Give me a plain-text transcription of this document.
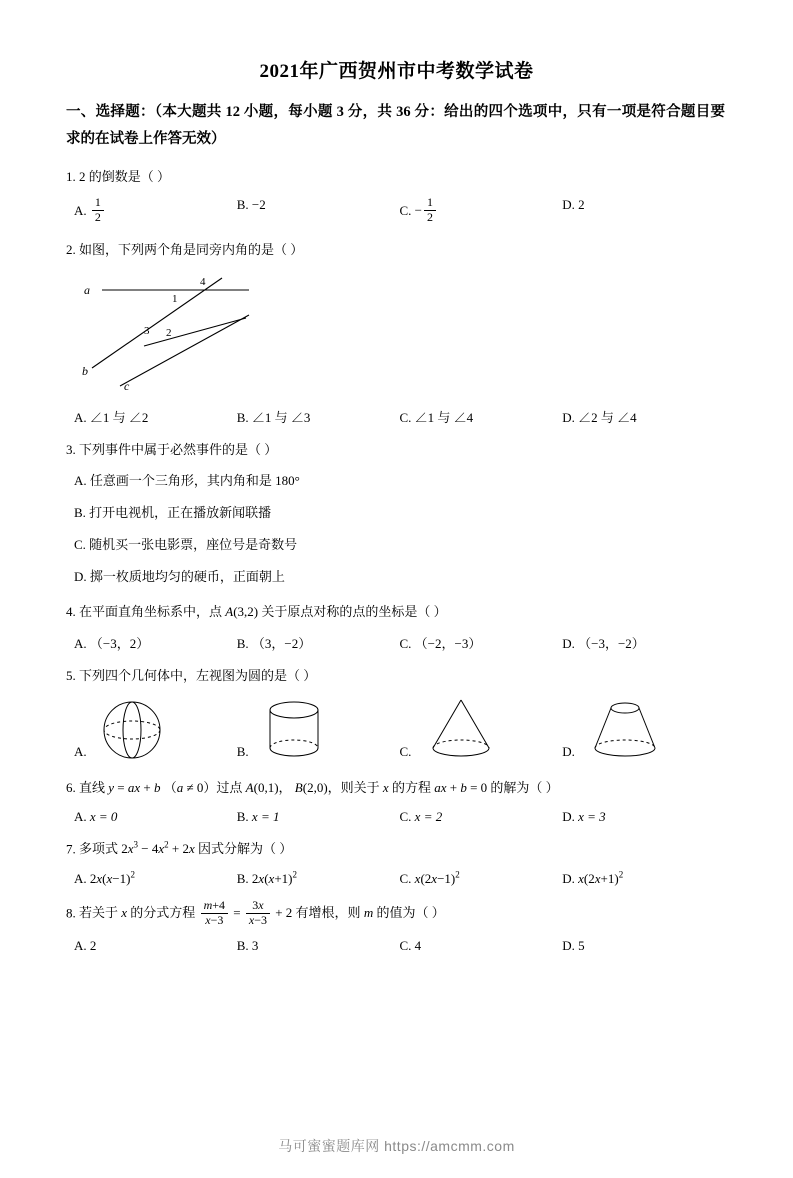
2021年广西贺州市中考数学试卷
一、选择题：（本大题共 12 小题，每小题 3 分，共 36 分：给出的四个选项中，只有一项是符合题目要求的在试卷上作答无效）
1. 2 的倒数是（ ）
A. $\frac{1}{2}$	B. −2	C. − $\frac{1}{2}$	D. 2
2. 如图，下列两个角是同旁内角的是（ ）
a
b
c
1
2
3
4
A. ∠1 与 ∠2	B. ∠1 与 ∠3	C. ∠1 与 ∠4	D. ∠2 与 ∠4
3. 下列事件中属于必然事件的是（ ）
A. 任意画一个三角形，其内角和是 180°
B. 打开电视机，正在播放新闻联播
C. 随机买一张电影票，座位号是奇数号
D. 掷一枚质地均匀的硬币，正面朝上
4. 在平面直角坐标系中，点 A(3,2) 关于原点对称的点的坐标是（ ）
A. （−3，2）	B. （3，−2）	C. （−2，−3）	D. （−3，−2）
5. 下列四个几何体中，左视图为圆的是（ ）
A.	B.	C.	D.
6. 直线 y = ax + b （a ≠ 0）过点 A(0,1)， B(2,0)，则关于 x 的方程 ax + b = 0 的解为（ ）
A. x = 0	B. x = 1	C. x = 2	D. x = 3
7. 多项式 $2x^3 - 4x^2 + 2x$ 因式分解为（ ）
A. $2x(x-1)^2$	B. $2x(x+1)^2$	C. $x(2x-1)^2$	D. $x(2x+1)^2$
8. 若关于 x 的分式方程 $\frac{m+4}{x-3} = \frac{3x}{x-3} + 2$ 有增根，则 m 的值为（ ）
A. 2	B. 3	C. 4	D. 5
马可蜜蜜题库网 https://amcmm.com
